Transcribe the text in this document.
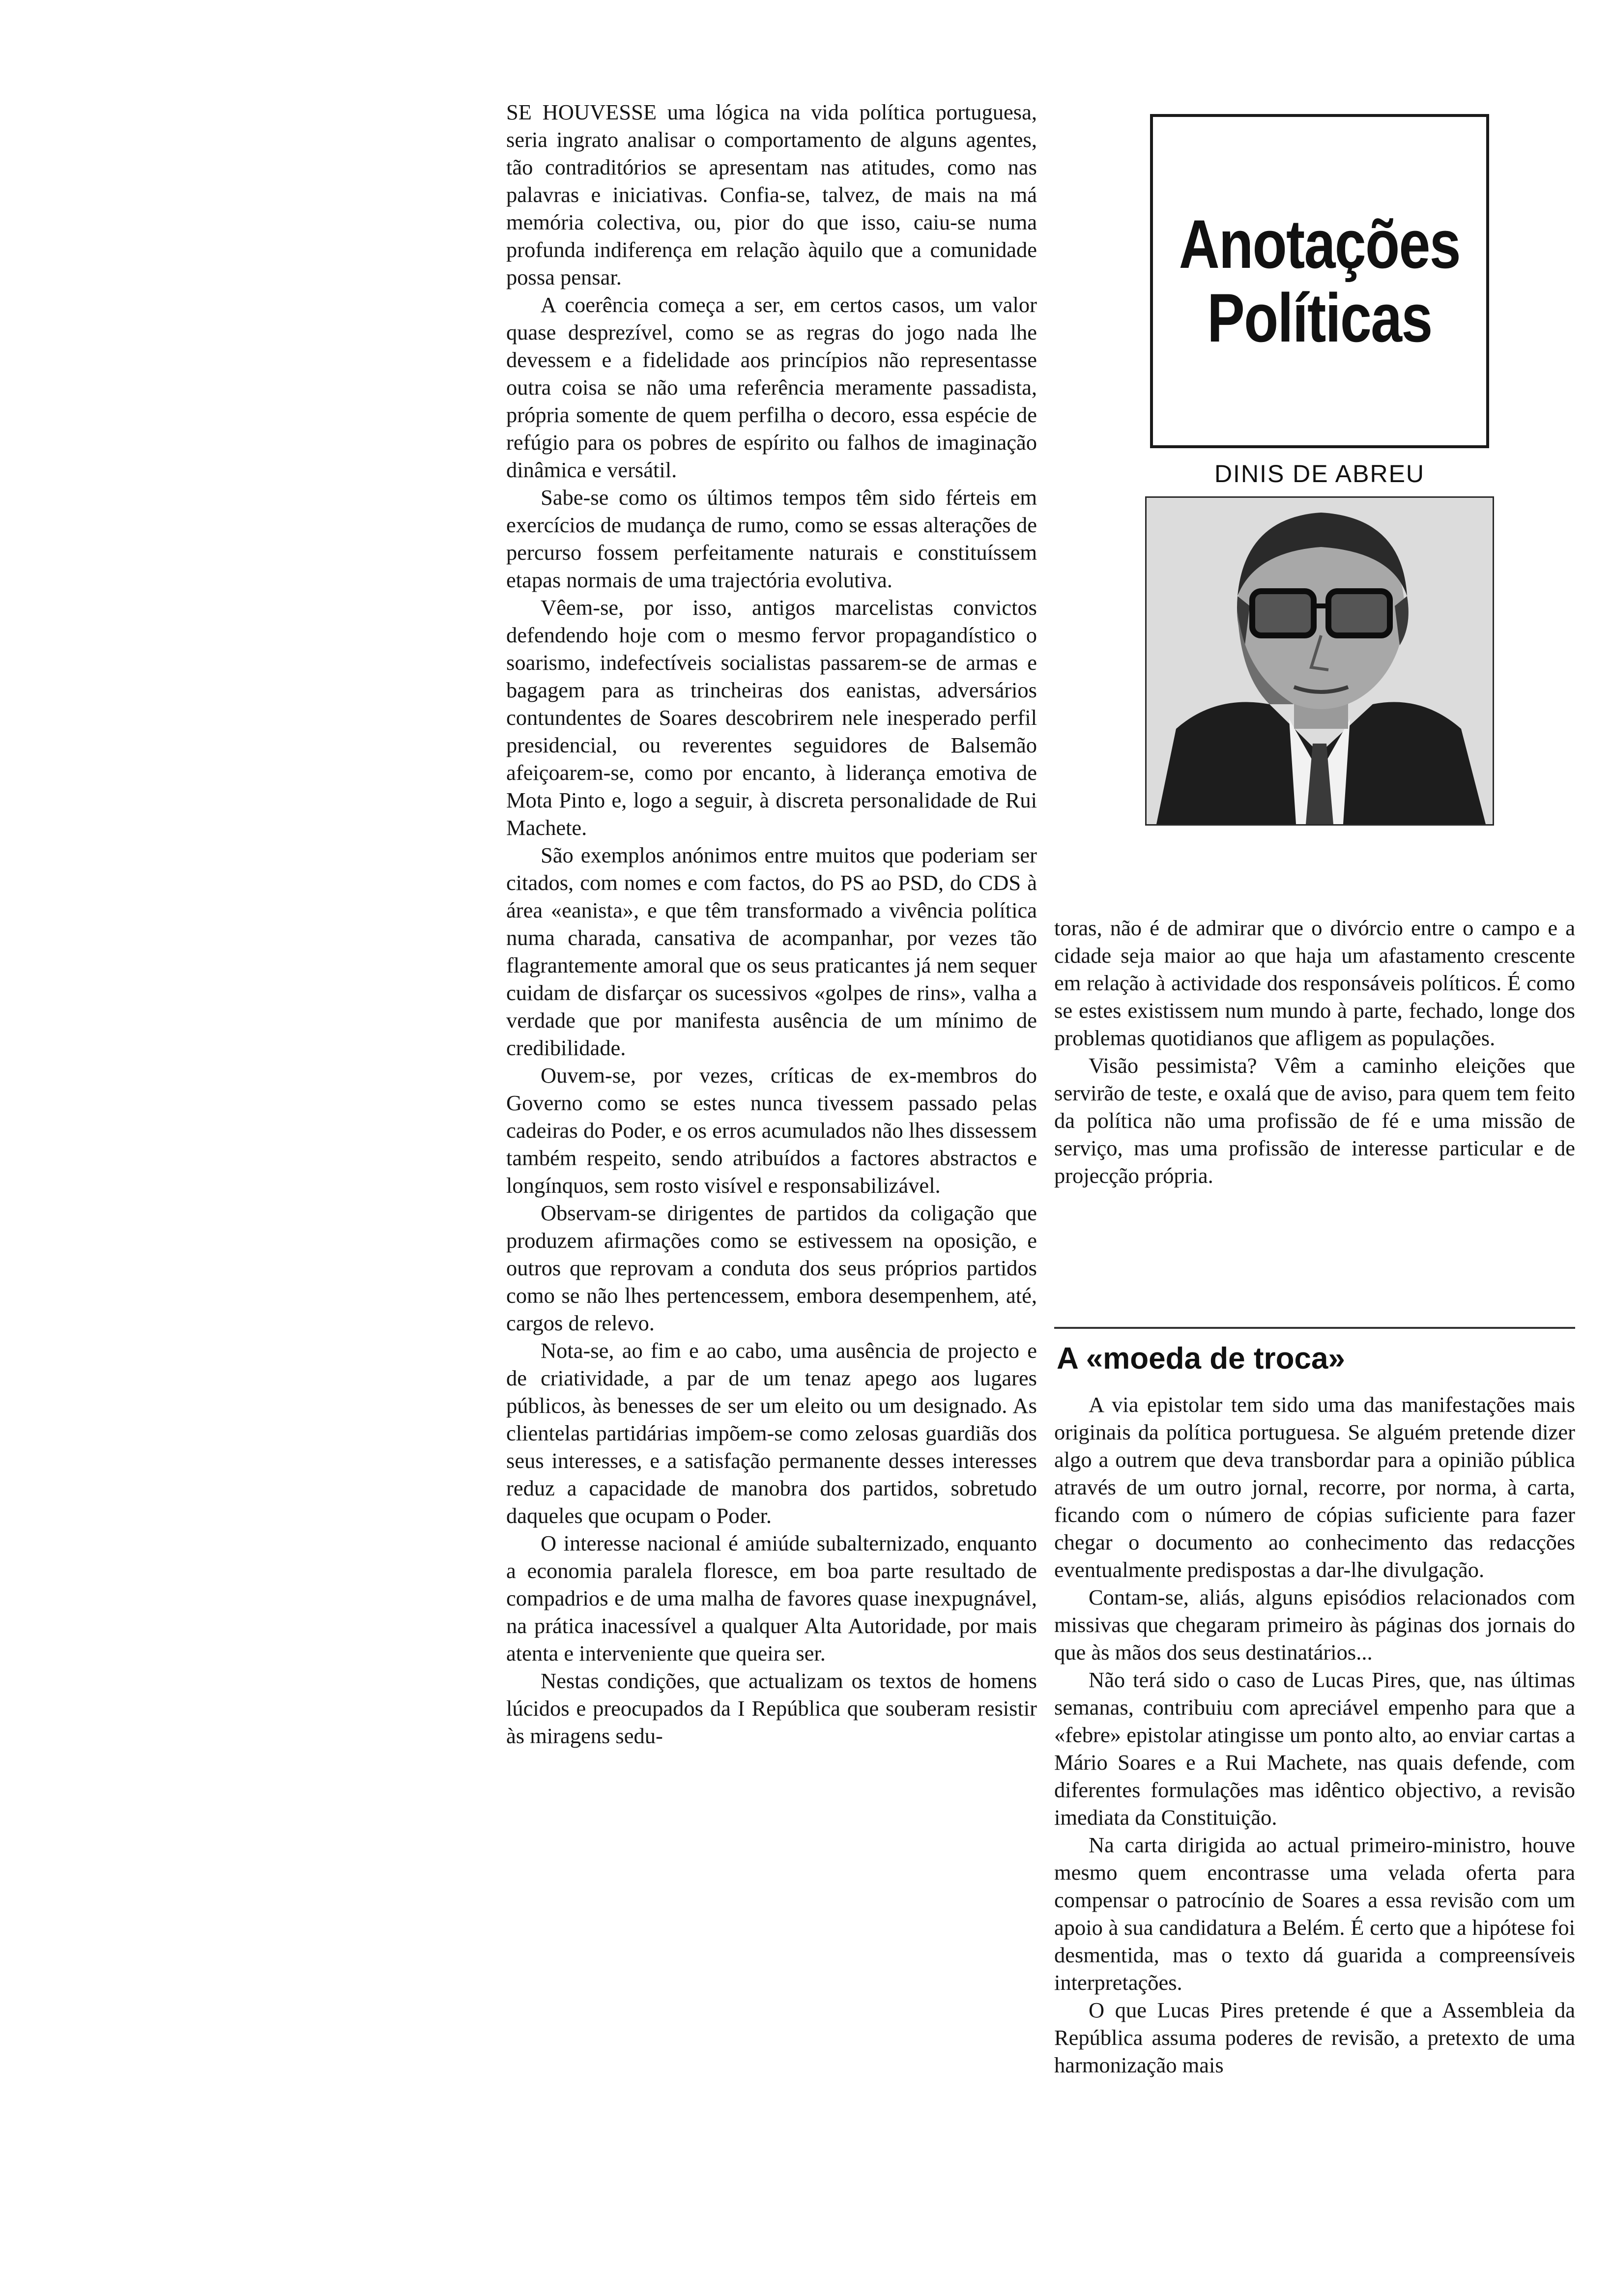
SE HOUVESSE uma lógica na vida política portuguesa, seria ingrato analisar o comportamento de alguns agentes, tão contraditórios se apresentam nas atitudes, como nas palavras e iniciativas. Confia-se, talvez, de mais na má memória colectiva, ou, pior do que isso, caiu-se numa profunda indiferença em relação àquilo que a comunidade possa pensar.

A coerência começa a ser, em certos casos, um valor quase desprezível, como se as regras do jogo nada lhe devessem e a fidelidade aos princípios não representasse outra coisa se não uma referência meramente passadista, própria somente de quem perfilha o decoro, essa espécie de refúgio para os pobres de espírito ou falhos de imaginação dinâmica e versátil.

Sabe-se como os últimos tempos têm sido férteis em exercícios de mudança de rumo, como se essas alterações de percurso fossem perfeitamente naturais e constituíssem etapas normais de uma trajectória evolutiva.

Vêem-se, por isso, antigos marcelistas convictos defendendo hoje com o mesmo fervor propagandístico o soarismo, indefectíveis socialistas passarem-se de armas e bagagem para as trincheiras dos eanistas, adversários contundentes de Soares descobrirem nele inesperado perfil presidencial, ou reverentes seguidores de Balsemão afeiçoarem-se, como por encanto, à liderança emotiva de Mota Pinto e, logo a seguir, à discreta personalidade de Rui Machete.

São exemplos anónimos entre muitos que poderiam ser citados, com nomes e com factos, do PS ao PSD, do CDS à área «eanista», e que têm transformado a vivência política numa charada, cansativa de acompanhar, por vezes tão flagrantemente amoral que os seus praticantes já nem sequer cuidam de disfarçar os sucessivos «golpes de rins», valha a verdade que por manifesta ausência de um mínimo de credibilidade.

Ouvem-se, por vezes, críticas de ex-membros do Governo como se estes nunca tivessem passado pelas cadeiras do Poder, e os erros acumulados não lhes dissessem também respeito, sendo atribuídos a factores abstractos e longínquos, sem rosto visível e responsabilizável.

Observam-se dirigentes de partidos da coligação que produzem afirmações como se estivessem na oposição, e outros que reprovam a conduta dos seus próprios partidos como se não lhes pertencessem, embora desempenhem, até, cargos de relevo.

Nota-se, ao fim e ao cabo, uma ausência de projecto e de criatividade, a par de um tenaz apego aos lugares públicos, às benesses de ser um eleito ou um designado. As clientelas partidárias impõem-se como zelosas guardiãs dos seus interesses, e a satisfação permanente desses interesses reduz a capacidade de manobra dos partidos, sobretudo daqueles que ocupam o Poder.

O interesse nacional é amiúde subalternizado, enquanto a economia paralela floresce, em boa parte resultado de compadrios e de uma malha de favores quase inexpugnável, na prática inacessível a qualquer Alta Autoridade, por mais atenta e interveniente que queira ser.

Nestas condições, que actualizam os textos de homens lúcidos e preocupados da I República que souberam resistir às miragens sedu-

Anotações
Políticas
DINIS DE ABREU

toras, não é de admirar que o divórcio entre o campo e a cidade seja maior ao que haja um afastamento crescente em relação à actividade dos responsáveis políticos. É como se estes existissem num mundo à parte, fechado, longe dos problemas quotidianos que afligem as populações.

Visão pessimista? Vêm a caminho eleições que servirão de teste, e oxalá que de aviso, para quem tem feito da política não uma profissão de fé e uma missão de serviço, mas uma profissão de interesse particular e de projecção própria.

A «moeda de troca»

A via epistolar tem sido uma das manifestações mais originais da política portuguesa. Se alguém pretende dizer algo a outrem que deva transbordar para a opinião pública através de um outro jornal, recorre, por norma, à carta, ficando com o número de cópias suficiente para fazer chegar o documento ao conhecimento das redacções eventualmente predispostas a dar-lhe divulgação.

Contam-se, aliás, alguns episódios relacionados com missivas que chegaram primeiro às páginas dos jornais do que às mãos dos seus destinatários...

Não terá sido o caso de Lucas Pires, que, nas últimas semanas, contribuiu com apreciável empenho para que a «febre» epistolar atingisse um ponto alto, ao enviar cartas a Mário Soares e a Rui Machete, nas quais defende, com diferentes formulações mas idêntico objectivo, a revisão imediata da Constituição.

Na carta dirigida ao actual primeiro-ministro, houve mesmo quem encontrasse uma velada oferta para compensar o patrocínio de Soares a essa revisão com um apoio à sua candidatura a Belém. É certo que a hipótese foi desmentida, mas o texto dá guarida a compreensíveis interpretações.

O que Lucas Pires pretende é que a Assembleia da República assuma poderes de revisão, a pretexto de uma harmonização mais
